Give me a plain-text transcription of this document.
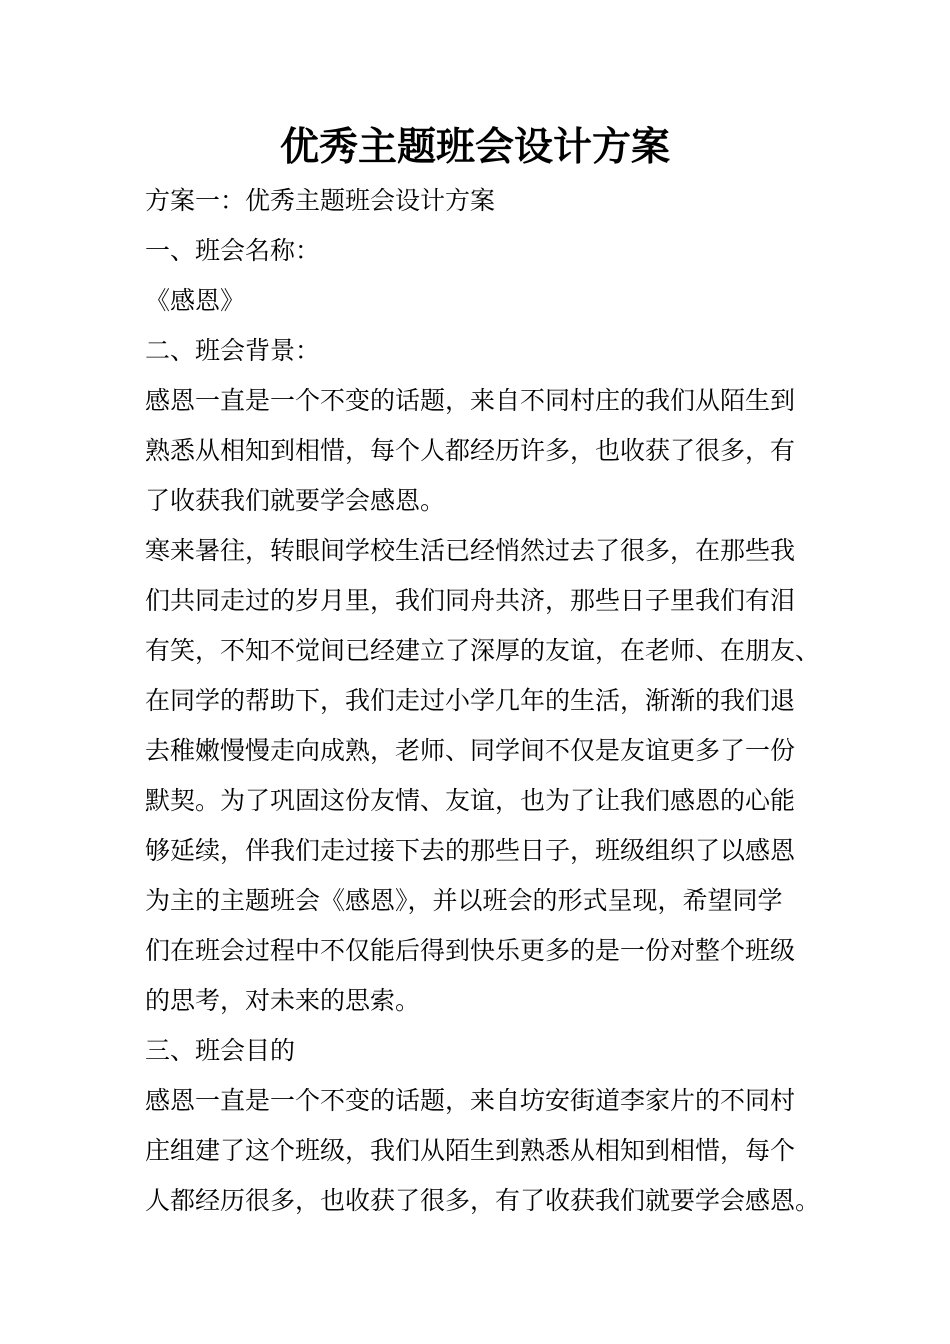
优秀主题班会设计方案

方案一：优秀主题班会设计方案

一、班会名称：

《感恩》

二、班会背景：

感恩一直是一个不变的话题，来自不同村庄的我们从陌生到

熟悉从相知到相惜，每个人都经历许多，也收获了很多，有

了收获我们就要学会感恩。

寒来暑往，转眼间学校生活已经悄然过去了很多，在那些我

们共同走过的岁月里，我们同舟共济，那些日子里我们有泪

有笑，不知不觉间已经建立了深厚的友谊，在老师、在朋友、

在同学的帮助下，我们走过小学几年的生活，渐渐的我们退

去稚嫩慢慢走向成熟，老师、同学间不仅是友谊更多了一份

默契。为了巩固这份友情、友谊，也为了让我们感恩的心能

够延续，伴我们走过接下去的那些日子，班级组织了以感恩

为主的主题班会《感恩》，并以班会的形式呈现，希望同学

们在班会过程中不仅能后得到快乐更多的是一份对整个班级

的思考，对未来的思索。

三、班会目的

感恩一直是一个不变的话题，来自坊安街道李家片的不同村

庄组建了这个班级，我们从陌生到熟悉从相知到相惜，每个

人都经历很多，也收获了很多，有了收获我们就要学会感恩。
